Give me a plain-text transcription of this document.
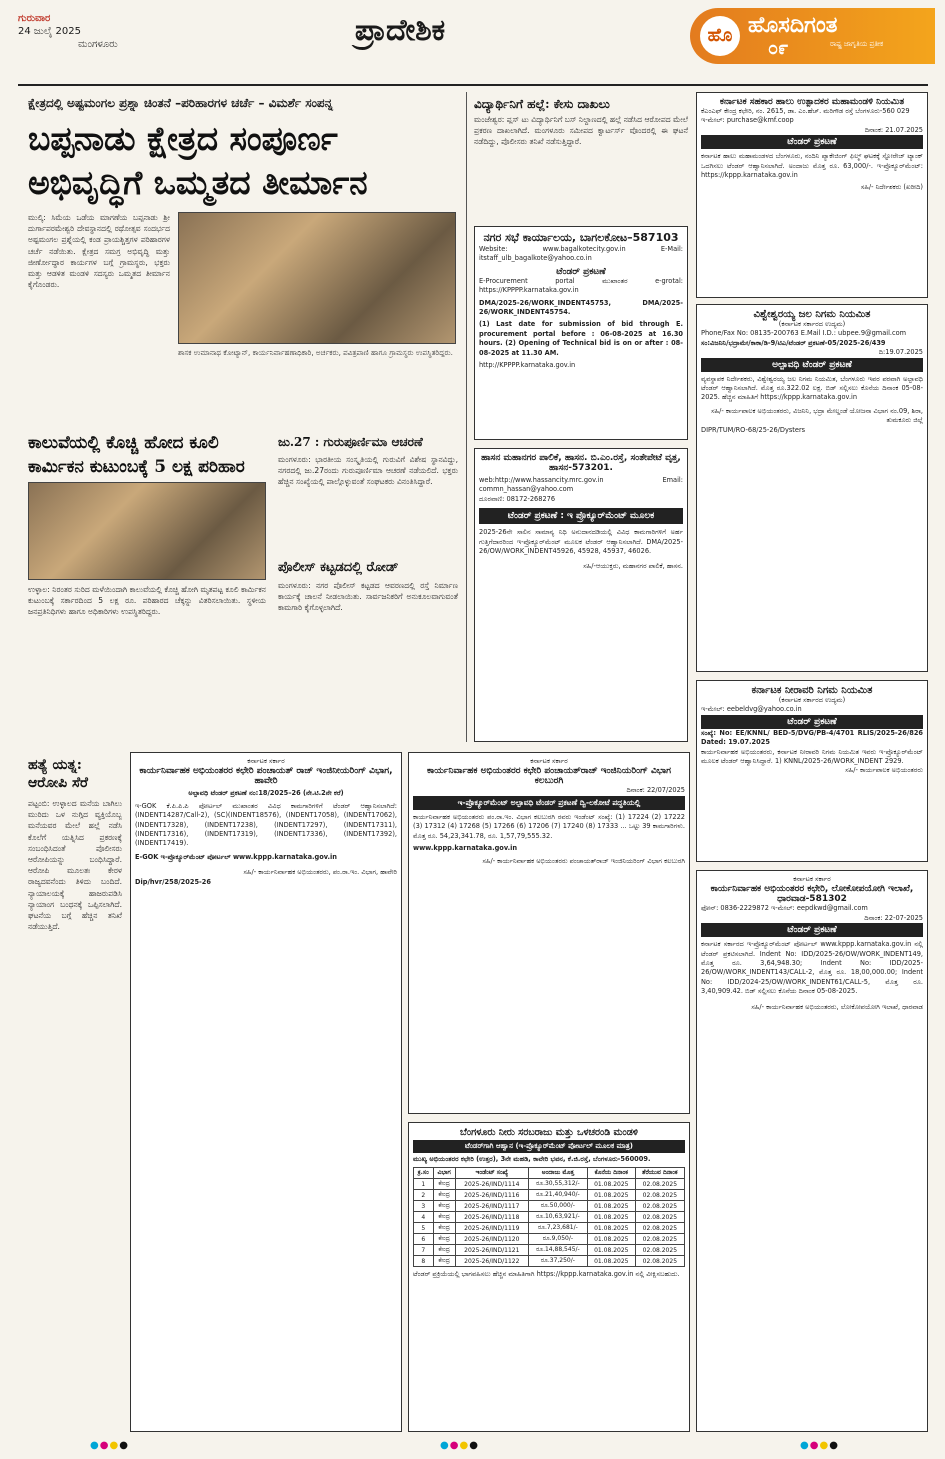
ಗುರುವಾರ
24 ಜುಲೈ 2025
ಮಂಗಳೂರು	ಪ್ರಾದೇಶಿಕ	ಹೊ ಹೊಸದಿಗಂತ
೦೯	ರಾಷ್ಟ್ರ ಜಾಗೃತಿಯ ಪ್ರತೀಕ
ಕ್ಷೇತ್ರದಲ್ಲಿ ಅಷ್ಟಮಂಗಲ ಪ್ರಶ್ನಾ ಚಿಂತನೆ –ಪರಿಹಾರಗಳ ಚರ್ಚೆ – ವಿಮರ್ಶೆ ಸಂಪನ್ನ
ಬಪ್ಪನಾಡು ಕ್ಷೇತ್ರದ ಸಂಪೂರ್ಣ
ಅಭಿವೃದ್ಧಿಗೆ ಒಮ್ಮತದ ತೀರ್ಮಾನ
ಮುಲ್ಕಿ: ಸಿಮೆಯ ಒಡೆಯ ಮಾಗಣೆಯ ಬಪ್ಪನಾಡು ಶ್ರೀ ದುರ್ಗಾಪರಮೇಶ್ವರಿ ದೇವಸ್ಥಾನದಲ್ಲಿ ರಥೋತ್ಸವ ಸಂದರ್ಭದ ಅಷ್ಟಮಂಗಲ ಪ್ರಶ್ನೆಯಲ್ಲಿ ಕಂಡ ಪ್ರಾಯಶ್ಚಿತ್ತಗಳ ಪರಿಹಾರಗಳ ಚರ್ಚೆ ನಡೆಯಿತು. ಕ್ಷೇತ್ರದ ಸಮಗ್ರ ಅಭಿವೃದ್ಧಿ ಮತ್ತು ಜೀರ್ಣೋದ್ಧಾರ ಕಾರ್ಯಗಳ ಬಗ್ಗೆ ಗ್ರಾಮಸ್ಥರು, ಭಕ್ತರು ಮತ್ತು ಆಡಳಿತ ಮಂಡಳಿ ಸದಸ್ಯರು ಒಮ್ಮತದ ತೀರ್ಮಾನ ಕೈಗೊಂಡರು.
ಶಾಸಕ ಉಮಾನಾಥ ಕೋಟ್ಯಾನ್, ಕಾರ್ಯನಿರ್ವಾಹಣಾಧಿಕಾರಿ, ಅರ್ಚಕರು, ಪವಿತ್ರಪಾಣಿ ಹಾಗೂ ಗ್ರಾಮಸ್ಥರು ಉಪಸ್ಥಿತರಿದ್ದರು.
ಕಾಲುವೆಯಲ್ಲಿ ಕೊಚ್ಚಿ ಹೋದ ಕೂಲಿ
ಕಾರ್ಮಿಕನ ಕುಟುಂಬಕ್ಕೆ 5 ಲಕ್ಷ ಪರಿಹಾರ
ಉಳ್ಳಾಲ: ನಿರಂತರ ಸುರಿದ ಮಳೆಯಿಂದಾಗಿ ಕಾಲುವೆಯಲ್ಲಿ ಕೊಚ್ಚಿ ಹೋಗಿ ಮೃತಪಟ್ಟ ಕೂಲಿ ಕಾರ್ಮಿಕನ ಕುಟುಂಬಕ್ಕೆ ಸರ್ಕಾರದಿಂದ 5 ಲಕ್ಷ ರೂ. ಪರಿಹಾರದ ಚೆಕ್ಕನ್ನು ವಿತರಿಸಲಾಯಿತು. ಸ್ಥಳೀಯ ಜನಪ್ರತಿನಿಧಿಗಳು ಹಾಗೂ ಅಧಿಕಾರಿಗಳು ಉಪಸ್ಥಿತರಿದ್ದರು.
ಜು.27 : ಗುರುಪೂರ್ಣಿಮಾ ಆಚರಣೆ
ಮಂಗಳೂರು: ಭಾರತೀಯ ಸಂಸ್ಕೃತಿಯಲ್ಲಿ ಗುರುವಿಗೆ ವಿಶೇಷ ಸ್ಥಾನವಿದ್ದು, ನಗರದಲ್ಲಿ ಜು.27ರಂದು ಗುರುಪೂರ್ಣಿಮಾ ಆಚರಣೆ ನಡೆಯಲಿದೆ. ಭಕ್ತರು ಹೆಚ್ಚಿನ ಸಂಖ್ಯೆಯಲ್ಲಿ ಪಾಲ್ಗೊಳ್ಳುವಂತೆ ಸಂಘಟಕರು ವಿನಂತಿಸಿದ್ದಾರೆ.
ಪೊಲೀಸ್ ಕಟ್ಟಡದಲ್ಲಿ ರೋಡ್
ಮಂಗಳೂರು: ನಗರ ಪೊಲೀಸ್ ಕಟ್ಟಡದ ಆವರಣದಲ್ಲಿ ರಸ್ತೆ ನಿರ್ಮಾಣ ಕಾರ್ಯಕ್ಕೆ ಚಾಲನೆ ನೀಡಲಾಯಿತು. ಸಾರ್ವಜನಿಕರಿಗೆ ಅನುಕೂಲವಾಗುವಂತೆ ಕಾಮಗಾರಿ ಕೈಗೊಳ್ಳಲಾಗಿದೆ.
ವಿದ್ಯಾರ್ಥಿನಿಗೆ ಹಲ್ಲೆ: ಕೇಸು ದಾಖಲು
ಮಂಜೇಶ್ವರ: ಪ್ಲಸ್ ಟು ವಿದ್ಯಾರ್ಥಿನಿಗೆ ಬಸ್ ನಿಲ್ದಾಣದಲ್ಲಿ ಹಲ್ಲೆ ನಡೆಸಿದ ಆರೋಪದ ಮೇಲೆ ಪ್ರಕರಣ ದಾಖಲಾಗಿದೆ. ಮಂಗಳೂರು ಸಮೀಪದ ಕ್ವಾರ್ಟರ್ಸ್ ವೊಂದರಲ್ಲಿ ಈ ಘಟನೆ ನಡೆದಿದ್ದು, ಪೊಲೀಸರು ತನಿಖೆ ನಡೆಸುತ್ತಿದ್ದಾರೆ.
ಹತ್ಯೆ ಯತ್ನ:
ಆರೋಪಿ ಸೆರೆ
ಪಟ್ಟಂಬಿ: ಉಳ್ಳಾಲದ ಮನೆಯ ಬಾಗಿಲು ಮುರಿದು ಒಳ ನುಗ್ಗಿದ ವ್ಯಕ್ತಿಯೊಬ್ಬ ಮನೆಯವರ ಮೇಲೆ ಹಲ್ಲೆ ನಡೆಸಿ ಕೊಲೆಗೆ ಯತ್ನಿಸಿದ ಪ್ರಕರಣಕ್ಕೆ ಸಂಬಂಧಿಸಿದಂತೆ ಪೊಲೀಸರು ಆರೋಪಿಯನ್ನು ಬಂಧಿಸಿದ್ದಾರೆ. ಆರೋಪಿ ಮೂಲತಃ ಕೇರಳ ರಾಜ್ಯದವನೆಂದು ತಿಳಿದು ಬಂದಿದೆ. ನ್ಯಾಯಾಲಯಕ್ಕೆ ಹಾಜರುಪಡಿಸಿ ನ್ಯಾಯಾಂಗ ಬಂಧನಕ್ಕೆ ಒಪ್ಪಿಸಲಾಗಿದೆ. ಘಟನೆಯ ಬಗ್ಗೆ ಹೆಚ್ಚಿನ ತನಿಖೆ ನಡೆಯುತ್ತಿದೆ.
ನಗರ ಸಭೆ ಕಾರ್ಯಾಲಯ, ಬಾಗಲಕೋಟ–587103
Website: www.bagalkotecity.gov.in E-Mail: itstaff_ulb_bagalkote@yahoo.co.in
ಟೆಂಡರ್ ಪ್ರಕಟಣೆ
E-Procurement portal ಮುಖಾಂತರ e-grotal: https://KPPPP.karnataka.gov.in
DMA/2025-26/WORK_INDENT45753, DMA/2025-26/WORK_INDENT45754.
(1) Last date for submission of bid through E. procurement portal before : 06-08-2025 at 16.30 hours. (2) Opening of Technical bid is on or after : 08-08-2025 at 11.30 AM.
http://KPPPP.karnataka.gov.in
ಹಾಸನ ಮಹಾನಗರ ಪಾಲಿಕೆ, ಹಾಸನ. ಬಿ.ಎಂ.ರಸ್ತೆ, ಸಂತೇಪೇಟೆ ವೃತ್ತ, ಹಾಸನ-573201.
web:http://www.hassancity.mrc.gov.in Email: commn_hassan@yahoo.com
ದೂರವಾಣಿ: 08172-268276
ಟೆಂಡರ್ ಪ್ರಕಟಣೆ : ಇ ಪ್ರೊಕ್ಯೂರ್‌ಮೆಂಟ್ ಮೂಲಕ
2025-26ನೇ ಸಾಲಿನ ಸಾಮಾನ್ಯ ನಿಧಿ ಅನುದಾನದಡಿಯಲ್ಲಿ ವಿವಿಧ ಕಾಮಗಾರಿಗಳಿಗೆ ಅರ್ಹ ಗುತ್ತಿಗೆದಾರರಿಂದ ಇ-ಪ್ರೊಕ್ಯೂರ್‌ಮೆಂಟ್ ಮೂಲಕ ಟೆಂಡರ್ ಆಹ್ವಾನಿಸಲಾಗಿದೆ. DMA/2025-26/OW/WORK_INDENT45926, 45928, 45937, 46026.
ಸಹಿ/-ಆಯುಕ್ತರು, ಮಹಾನಗರ ಪಾಲಿಕೆ, ಹಾಸನ.
ಕರ್ನಾಟಕ ಸಹಕಾರ ಹಾಲು ಉತ್ಪಾದಕರ ಮಹಾಮಂಡಳಿ ನಿಯಮಿತ
ಕೆಎಂಎಫ್ ಕೇಂದ್ರ ಕಛೇರಿ, ನಂ. 2615, ಡಾ. ಎಂ.ಹೆಚ್. ಮರಿಗೌಡ ರಸ್ತೆ ಬೆಂಗಳೂರು-560 029
ಇ-ಮೇಲ್: purchase@kmf.coop
ದಿನಾಂಕ: 21.07.2025
ಟೆಂಡರ್ ಪ್ರಕಟಣೆ
ಕರ್ನಾಟಕ ಹಾಲು ಮಹಾಮಂಡಳದ ಬೆಂಗಳೂರು, ನಂದಿನಿ ಪ್ಯಾಕೇಜಿಂಗ್ ಫಿಲ್ಮ್ ಘಟಕಕ್ಕೆ ಸ್ಟೋರೇಜ್ ಟ್ಯಾಂಕ್ ಒದಗಿಸಲು ಟೆಂಡರ್ ಆಹ್ವಾನಿಸಲಾಗಿದೆ. ಅಂದಾಜು ಮೊತ್ತ ರೂ. 63,000/-. ಇ-ಪ್ರೊಕ್ಯೂರ್‌ಮೆಂಟ್: https://kppp.karnataka.gov.in
ಸಹಿ/- ನಿರ್ದೇಶಕರು (ಖರೀದಿ)
ವಿಶ್ವೇಶ್ವರಯ್ಯ ಜಲ ನಿಗಮ ನಿಯಮಿತ
(ಕರ್ನಾಟಕ ಸರ್ಕಾರದ ಉದ್ಯಮ)
Phone/Fax No: 08135-200763 E.Mail I.D.: ubpee.9@gmail.com
ಸಂ:ವಿಜನಿನಿ/ಭದ್ರಾಮೇ/ಕಾಕಾ/ಡಿ-9/ಟಿಎ/ಟೆಂಡರ್ ಪ್ರಕಟಣೆ-05/2025-26/439
ದಿ:19.07.2025
ಅಲ್ಪಾವಧಿ ಟೆಂಡರ್ ಪ್ರಕಟಣೆ
ವ್ಯವಸ್ಥಾಪಕ ನಿರ್ದೇಶಕರು, ವಿಶ್ವೇಶ್ವರಯ್ಯ ಜಲ ನಿಗಮ ನಿಯಮಿತ, ಬೆಂಗಳೂರು ಇವರ ಪರವಾಗಿ ಅಲ್ಪಾವಧಿ ಟೆಂಡರ್ ಆಹ್ವಾನಿಸಲಾಗಿದೆ. ಮೊತ್ತ ರೂ.322.02 ಲಕ್ಷ. ಬಿಡ್ ಸಲ್ಲಿಸಲು ಕೊನೆಯ ದಿನಾಂಕ 05-08-2025. ಹೆಚ್ಚಿನ ಮಾಹಿತಿಗೆ https://kppp.karnataka.gov.in
ಸಹಿ/- ಕಾರ್ಯಪಾಲಕ ಅಭಿಯಂತರರು, ವಿಜನಿನಿ, ಭದ್ರಾ ಮೇಲ್ದಂಡೆ ಯೋಜನಾ ವಿಭಾಗ ನಂ.09, ಶಿರಾ, ತುಮಕೂರು ಜಿಲ್ಲೆ
DIPR/TUM/RO-68/25-26/Dysters
ಕರ್ನಾಟಕ ನೀರಾವರಿ ನಿಗಮ ನಿಯಮಿತ
(ಕರ್ನಾಟಕ ಸರ್ಕಾರದ ಉದ್ಯಮ)
ಇ-ಮೇಲ್: eebeldvg@yahoo.co.in
ಟೆಂಡರ್ ಪ್ರಕಟಣೆ
ಸಂಖ್ಯೆ: No: EE/KNNL/ BED-5/DVG/PB-4/4701 RLIS/2025-26/826 Dated: 19.07.2025
ಕಾರ್ಯನಿರ್ವಾಹಕ ಅಭಿಯಂತರರು, ಕರ್ನಾಟಕ ನೀರಾವರಿ ನಿಗಮ ನಿಯಮಿತ ಇವರು ಇ-ಪ್ರೊಕ್ಯೂರ್‌ಮೆಂಟ್ ಮೂಲಕ ಟೆಂಡರ್ ಆಹ್ವಾನಿಸಿದ್ದಾರೆ. 1) KNNL/2025-26/WORK_INDENT 2929.
ಸಹಿ/- ಕಾರ್ಯಪಾಲಕ ಅಭಿಯಂತರರು
ಕರ್ನಾಟಕ ಸರ್ಕಾರ
ಕಾರ್ಯನಿರ್ವಾಹಕ ಅಭಿಯಂತರರ ಕಛೇರಿ, ಲೋಕೋಪಯೋಗಿ ಇಲಾಖೆ, ಧಾರವಾಡ-581302
ಫೋನ್: 0836-2229872 ಇ-ಮೇಲ್: eepdkwd@gmail.com
ದಿನಾಂಕ: 22-07-2025
ಟೆಂಡರ್ ಪ್ರಕಟಣೆ
ಕರ್ನಾಟಕ ಸರ್ಕಾರದ ಇ-ಪ್ರೊಕ್ಯೂರ್‌ಮೆಂಟ್ ಪೋರ್ಟಲ್ www.kppp.karnataka.gov.in ನಲ್ಲಿ ಟೆಂಡರ್ ಪ್ರಕಟಿಸಲಾಗಿದೆ. Indent No: IDD/2025-26/OW/WORK_INDENT149, ಮೊತ್ತ ರೂ. 3,64,948.30; Indent No: IDD/2025-26/OW/WORK_INDENT143/CALL-2, ಮೊತ್ತ ರೂ. 18,00,000.00; Indent No: IDD/2024-25/OW/WORK_INDENT61/CALL-5, ಮೊತ್ತ ರೂ. 3,40,909.42. ಬಿಡ್ ಸಲ್ಲಿಸಲು ಕೊನೆಯ ದಿನಾಂಕ 05-08-2025.
ಸಹಿ/- ಕಾರ್ಯನಿರ್ವಾಹಕ ಅಭಿಯಂತರರು, ಲೋಕೋಪಯೋಗಿ ಇಲಾಖೆ, ಧಾರವಾಡ
ಕರ್ನಾಟಕ ಸರ್ಕಾರ
ಕಾರ್ಯನಿರ್ವಾಹಕ ಅಭಿಯಂತರರ ಕಛೇರಿ ಪಂಚಾಯತ್ ರಾಜ್ ಇಂಜಿನೀಯರಿಂಗ್ ವಿಭಾಗ, ಹಾವೇರಿ
ಅಲ್ಪಾವಧಿ ಟೆಂಡರ್ ಪ್ರಕಟಣೆ ನಂ:18/2025–26 (ನೇ.ಟಿ.2ನೇ ಕರೆ)
ಇ-GOK ಕೆ.ಪಿ.ಪಿ.ಪಿ ಪೋರ್ಟಲ್ ಮುಖಾಂತರ ವಿವಿಧ ಕಾಮಗಾರಿಗಳಿಗೆ ಟೆಂಡರ್ ಆಹ್ವಾನಿಸಲಾಗಿದೆ: (INDENT14287/Call-2), (SC)(INDENT18576), (INDENT17058), (INDENT17062), (INDENT17328), (INDENT17238), (INDENT17297), (INDENT17311), (INDENT17316), (INDENT17319), (INDENT17336), (INDENT17392), (INDENT17419).
E-GOK ಇ-ಪ್ರೊಕ್ಯೂರ್‌ಮೆಂಟ್ ಪೋರ್ಟಲ್ www.kppp.karnataka.gov.in
ಸಹಿ/- ಕಾರ್ಯನಿರ್ವಾಹಕ ಅಭಿಯಂತರರು, ಪಂ.ರಾ.ಇಂ. ವಿಭಾಗ, ಹಾವೇರಿ
Dip/hvr/258/2025-26
ಕರ್ನಾಟಕ ಸರ್ಕಾರ
ಕಾರ್ಯನಿರ್ವಾಹಕ ಅಭಿಯಂತರರ ಕಛೇರಿ ಪಂಚಾಯತ್‌ರಾಜ್ ಇಂಜಿನಿಯರಿಂಗ್ ವಿಭಾಗ ಕಲಬುರಗಿ
ದಿನಾಂಕ: 22/07/2025
ಇ-ಪ್ರೊಕ್ಯೂರ್‌ಮೆಂಟ್ ಅಲ್ಪಾವಧಿ ಟೆಂಡರ್ ಪ್ರಕಟಣೆ ದ್ವಿ-ಲಕೋಟೆ ಪದ್ಧತಿಯಲ್ಲಿ
ಕಾರ್ಯನಿರ್ವಾಹಕ ಅಭಿಯಂತರರು ಪಂ.ರಾ.ಇಂ. ವಿಭಾಗ ಕಲಬುರಗಿ ರವರು ಇಂಡೆಂಟ್ ಸಂಖ್ಯೆ: (1) 17224 (2) 17222 (3) 17312 (4) 17268 (5) 17266 (6) 17206 (7) 17240 (8) 17333 ... ಒಟ್ಟು 39 ಕಾಮಗಾರಿಗಳು. ಮೊತ್ತ ರೂ. 54,23,341.78, ರೂ. 1,57,79,555.32.
www.kppp.karnataka.gov.in
ಸಹಿ/- ಕಾರ್ಯನಿರ್ವಾಹಕ ಅಭಿಯಂತರರು ಪಂಚಾಯತ್‌ರಾಜ್ ಇಂಜಿನಿಯರಿಂಗ್ ವಿಭಾಗ ಕಲಬುರಗಿ
ಬೆಂಗಳೂರು ನೀರು ಸರಬರಾಜು ಮತ್ತು ಒಳಚರಂಡಿ ಮಂಡಳಿ
ಟೆಂಡರ್‌ಗಾಗಿ ಆಹ್ವಾನ (ಇ-ಪ್ರೊಕ್ಯೂರ್‌ಮೆಂಟ್ ಪೋರ್ಟಲ್ ಮೂಲಕ ಮಾತ್ರ)
ಮುಖ್ಯ ಅಭಿಯಂತರರ ಕಛೇರಿ (ಉತ್ತರ), 3ನೇ ಮಹಡಿ, ಕಾವೇರಿ ಭವನ, ಕೆ.ಜಿ.ರಸ್ತೆ, ಬೆಂಗಳೂರು-560009.
ಕ್ರ.ಸಂ	ವಿಭಾಗ	ಇಂಡೆಂಟ್ ಸಂಖ್ಯೆ	ಅಂದಾಜು ಮೊತ್ತ	ಕೊನೆಯ ದಿನಾಂಕ	ತೆರೆಯುವ ದಿನಾಂಕ
1	ಕೇಂದ್ರ	2025-26/IND/1114	ರೂ.30,55,312/-	01.08.2025	02.08.2025
2	ಕೇಂದ್ರ	2025-26/IND/1116	ರೂ.21,40,940/-	01.08.2025	02.08.2025
3	ಕೇಂದ್ರ	2025-26/IND/1117	ರೂ.50,000/-	01.08.2025	02.08.2025
4	ಕೇಂದ್ರ	2025-26/IND/1118	ರೂ.10,63,921/-	01.08.2025	02.08.2025
5	ಕೇಂದ್ರ	2025-26/IND/1119	ರೂ.7,23,681/-	01.08.2025	02.08.2025
6	ಕೇಂದ್ರ	2025-26/IND/1120	ರೂ.9,050/-	01.08.2025	02.08.2025
7	ಕೇಂದ್ರ	2025-26/IND/1121	ರೂ.14,88,545/-	01.08.2025	02.08.2025
8	ಕೇಂದ್ರ	2025-26/IND/1122	ರೂ.37,250/-	01.08.2025	02.08.2025
ಟೆಂಡರ್ ಪ್ರಕ್ರಿಯೆಯಲ್ಲಿ ಭಾಗವಹಿಸಲು ಹೆಚ್ಚಿನ ಮಾಹಿತಿಗಾಗಿ https://kppp.karnataka.gov.in ನಲ್ಲಿ ವೀಕ್ಷಿಸಬಹುದು.
●●●●	●●●●	●●●●
